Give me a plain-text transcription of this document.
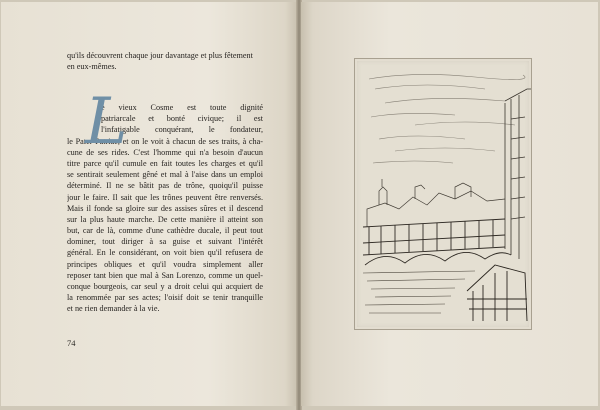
qu'ils découvrent chaque jour davantage et plus fêtement
en eux-mêmes.
e vieux Cosme est toute dignité
patriarcale et bonté civique; il est
l'infatigable conquérant, le fondateur,
le Pater Patriae, et on le voit à chacun de ses traits, à cha-
cune de ses rides. C'est l'homme qui n'a besoin d'aucun
titre parce qu'il cumule en fait toutes les charges et qu'il
se sentirait seulement gêné et mal à l'aise dans un emploi
déterminé. Il ne se bâtit pas de trône, quoiqu'il puisse
jour le faire. Il sait que les trônes peuvent être renversés.
Mais il fonde sa gloire sur des assises sûres et il descend
sur la plus haute marche. De cette manière il atteint son
but, car de là, comme d'une cathèdre ducale, il peut tout
dominer, tout diriger à sa guise et suivant l'intérêt
général. En le considérant, on voit bien qu'il refusera de
principes obliques et qu'il voudra simplement aller
reposer tant bien que mal à San Lorenzo, comme un quel-
conque bourgeois, car seul y a droit celui qui acquiert de
la renommée par ses actes; l'oisif doit se tenir tranquille
et ne rien demander à la vie.
L
74
